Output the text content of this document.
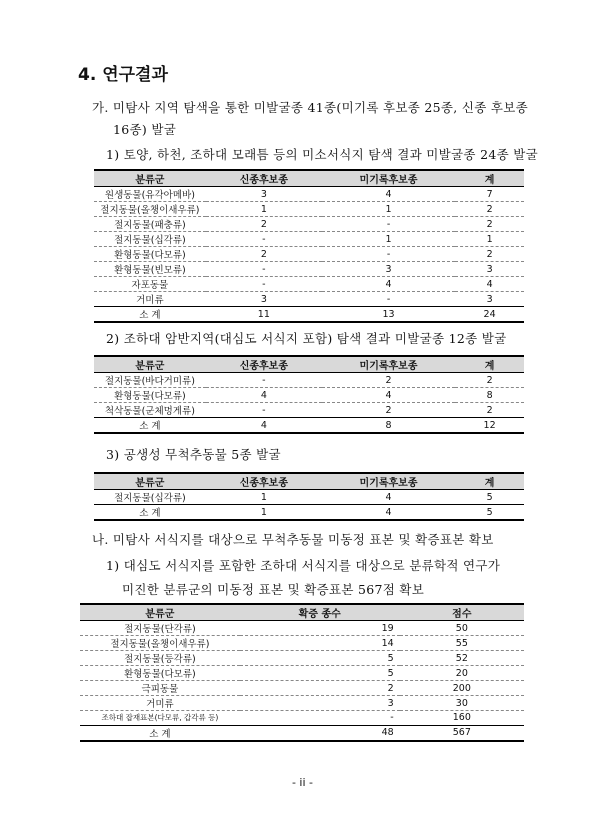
4. 연구결과
가. 미탐사 지역 탐색을 통한 미발굴종 41종(미기록 후보종 25종, 신종 후보종
16종) 발굴
1) 토양, 하천, 조하대 모래틈 등의 미소서식지 탐색 결과 미발굴종 24종 발굴
분류군	신종후보종	미기록후보종	계
원생동물(유각아메바)	3	4	7
절지동물(올챙이새우류)	1	1	2
절지동물(패충류)	2	-	2
절지동물(십각류)	-	1	1
환형동물(다모류)	2	-	2
환형동물(빈모류)	-	3	3
자포동물	-	4	4
거미류	3	-	3
소 계	11	13	24
2) 조하대 암반지역(대심도 서식지 포함) 탐색 결과 미발굴종 12종 발굴
분류군	신종후보종	미기록후보종	계
절지동물(바다거미류)	-	2	2
환형동물(다모류)	4	4	8
척삭동물(군체멍게류)	-	2	2
소 계	4	8	12
3) 공생성 무척추동물 5종 발굴
분류군	신종후보종	미기록후보종	계
절지동물(십각류)	1	4	5
소 계	1	4	5
나. 미탐사 서식지를 대상으로 무척추동물 미동정 표본 및 확증표본 확보
1) 대심도 서식지를 포함한 조하대 서식지를 대상으로 분류학적 연구가
미진한 분류군의 미동정 표본 및 확증표본 567점 확보
분류군	확증 종수	점수
절지동물(단각류)	19	50
절지동물(올챙이새우류)	14	55
절지동물(등각류)	5	52
환형동물(다모류)	5	20
극피동물	2	200
거미류	3	30
조하대 잡재표본(다모류, 갑각류 등)	-	160
소 계	48	567
- ii -
